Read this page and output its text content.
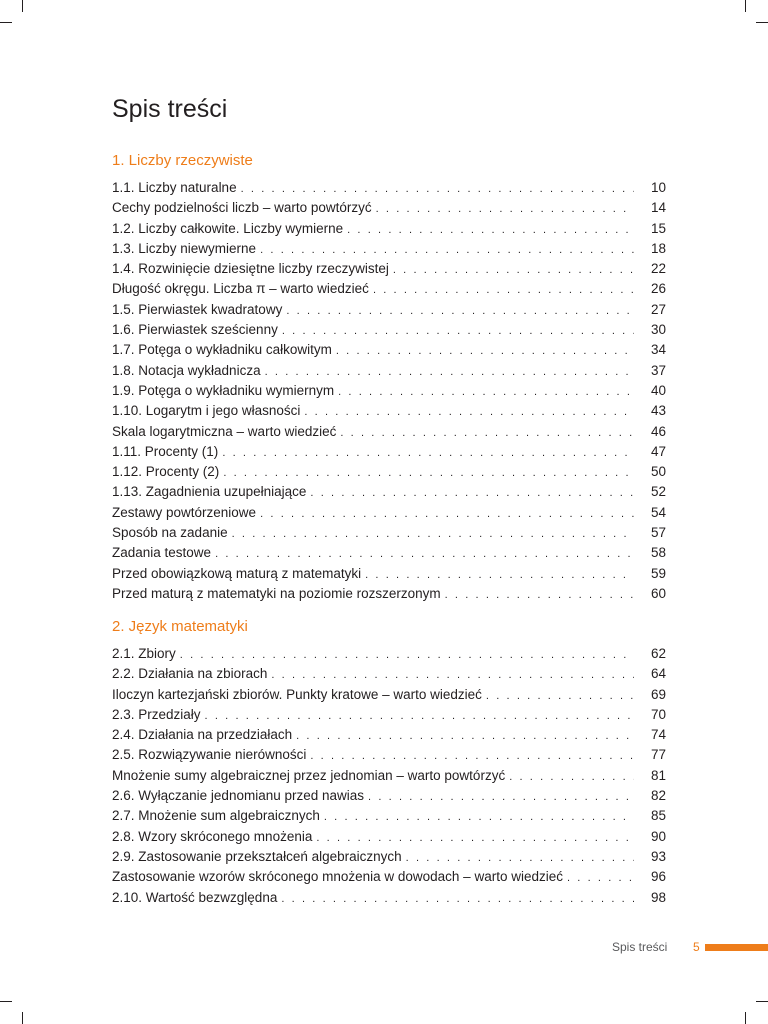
Spis treści
1. Liczby rzeczywiste
1.1. Liczby naturalne . . .	10
Cechy podzielności liczb – warto powtórzyć . . .	14
1.2. Liczby całkowite. Liczby wymierne . . .	15
1.3. Liczby niewymierne . . .	18
1.4. Rozwinięcie dziesiętne liczby rzeczywistej . . .	22
Długość okręgu. Liczba π – warto wiedzieć . . .	26
1.5. Pierwiastek kwadratowy . . .	27
1.6. Pierwiastek sześcienny . . .	30
1.7. Potęga o wykładniku całkowitym . . .	34
1.8. Notacja wykładnicza . . .	37
1.9. Potęga o wykładniku wymiernym . . .	40
1.10. Logarytm i jego własności . . .	43
Skala logarytmiczna – warto wiedzieć . . .	46
1.11. Procenty (1) . . .	47
1.12. Procenty (2) . . .	50
1.13. Zagadnienia uzupełniające . . .	52
Zestawy powtórzeniowe . . .	54
Sposób na zadanie . . .	57
Zadania testowe . . .	58
Przed obowiązkową maturą z matematyki . . .	59
Przed maturą z matematyki na poziomie rozszerzonym . . .	60
2. Język matematyki
2.1. Zbiory . . .	62
2.2. Działania na zbiorach . . .	64
Iloczyn kartezjański zbiorów. Punkty kratowe – warto wiedzieć . . .	69
2.3. Przedziały . . .	70
2.4. Działania na przedziałach . . .	74
2.5. Rozwiązywanie nierówności . . .	77
Mnożenie sumy algebraicznej przez jednomian – warto powtórzyć . . .	81
2.6. Wyłączanie jednomianu przed nawias . . .	82
2.7. Mnożenie sum algebraicznych . . .	85
2.8. Wzory skróconego mnożenia . . .	90
2.9. Zastosowanie przekształceń algebraicznych . . .	93
Zastosowanie wzorów skróconego mnożenia w dowodach – warto wiedzieć . . .	96
2.10. Wartość bezwzględna . . .	98
Spis treści 5
